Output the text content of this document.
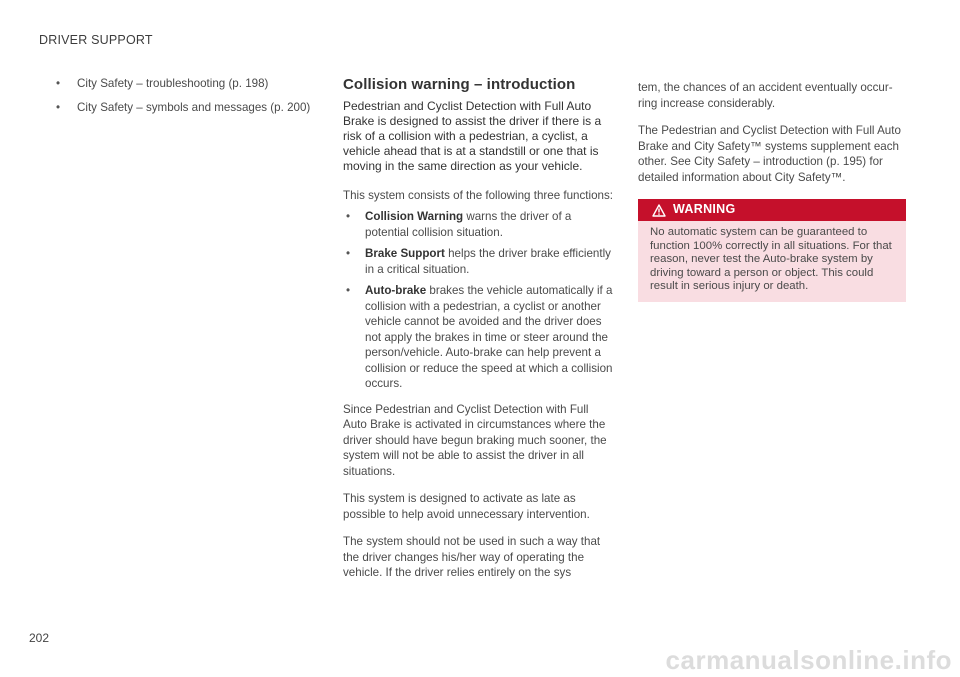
DRIVER SUPPORT
• City Safety – troubleshooting (p. 198)
• City Safety – symbols and messages (p. 200)
Collision warning – introduction

Pedestrian and Cyclist Detection with Full Auto Brake is designed to assist the driver if there is a risk of a collision with a pedestrian, a cyclist, a vehicle ahead that is at a standstill or one that is moving in the same direction as your vehicle.

This system consists of the following three functions:

• Collision Warning warns the driver of a potential collision situation.
• Brake Support helps the driver brake efficiently in a critical situation.
• Auto-brake brakes the vehicle automatically if a collision with a pedestrian, a cyclist or another vehicle cannot be avoided and the driver does not apply the brakes in time or steer around the person/vehicle. Auto-brake can help prevent a collision or reduce the speed at which a collision occurs.

Since Pedestrian and Cyclist Detection with Full Auto Brake is activated in circumstances where the driver should have begun braking much sooner, the system will not be able to assist the driver in all situations.

This system is designed to activate as late as possible to help avoid unnecessary intervention.

The system should not be used in such a way that the driver changes his/her way of operating the vehicle. If the driver relies entirely on the sys

tem, the chances of an accident eventually occurring increase considerably.

The Pedestrian and Cyclist Detection with Full Auto Brake and City Safety™ systems supplement each other. See City Safety – introduction (p. 195) for detailed information about City Safety™.

WARNING
No automatic system can be guaranteed to function 100% correctly in all situations. For that reason, never test the Auto-brake system by driving toward a person or object. This could result in serious injury or death.
202
carmanualsonline.info
